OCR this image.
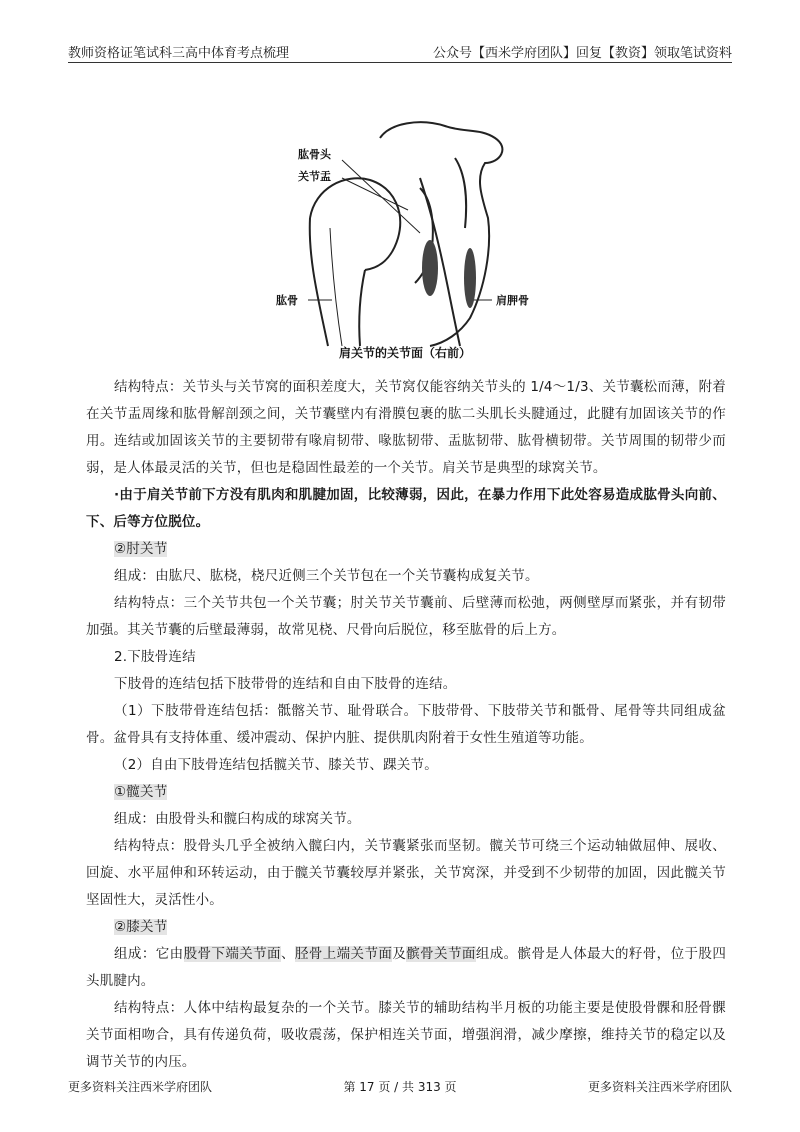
教师资格证笔试科三高中体育考点梳理	公众号【西米学府团队】回复【教资】领取笔试资料
肱骨头
关节盂
肱骨	肩胛骨
肩关节的关节面（右前）

结构特点：关节头与关节窝的面积差度大，关节窝仅能容纳关节头的 1/4～1/3、关节囊松而薄，附着在关节盂周缘和肱骨解剖颈之间，关节囊壁内有滑膜包裹的肱二头肌长头腱通过，此腱有加固该关节的作用。连结或加固该关节的主要韧带有喙肩韧带、喙肱韧带、盂肱韧带、肱骨横韧带。关节周围的韧带少而弱，是人体最灵活的关节，但也是稳固性最差的一个关节。肩关节是典型的球窝关节。

·由于肩关节前下方没有肌肉和肌腱加固，比较薄弱，因此，在暴力作用下此处容易造成肱骨头向前、下、后等方位脱位。

②肘关节

组成：由肱尺、肱桡，桡尺近侧三个关节包在一个关节囊构成复关节。

结构特点：三个关节共包一个关节囊；肘关节关节囊前、后壁薄而松弛，两侧壁厚而紧张，并有韧带加强。其关节囊的后壁最薄弱，故常见桡、尺骨向后脱位，移至肱骨的后上方。

2.下肢骨连结

下肢骨的连结包括下肢带骨的连结和自由下肢骨的连结。

（1）下肢带骨连结包括：骶髂关节、耻骨联合。下肢带骨、下肢带关节和骶骨、尾骨等共同组成盆骨。盆骨具有支持体重、缓冲震动、保护内脏、提供肌肉附着于女性生殖道等功能。

（2）自由下肢骨连结包括髋关节、膝关节、踝关节。

①髋关节

组成：由股骨头和髋臼构成的球窝关节。

结构特点：股骨头几乎全被纳入髋臼内，关节囊紧张而坚韧。髋关节可绕三个运动轴做屈伸、展收、回旋、水平屈伸和环转运动，由于髋关节囊较厚并紧张，关节窝深，并受到不少韧带的加固，因此髋关节坚固性大，灵活性小。

②膝关节

组成：它由股骨下端关节面、胫骨上端关节面及髌骨关节面组成。髌骨是人体最大的籽骨，位于股四头肌腱内。

结构特点：人体中结构最复杂的一个关节。膝关节的辅助结构半月板的功能主要是使股骨髁和胫骨髁关节面相吻合，具有传递负荷，吸收震荡，保护相连关节面，增强润滑，减少摩擦，维持关节的稳定以及调节关节的内压。

更多资料关注西米学府团队	第 17 页 / 共 313 页	更多资料关注西米学府团队
